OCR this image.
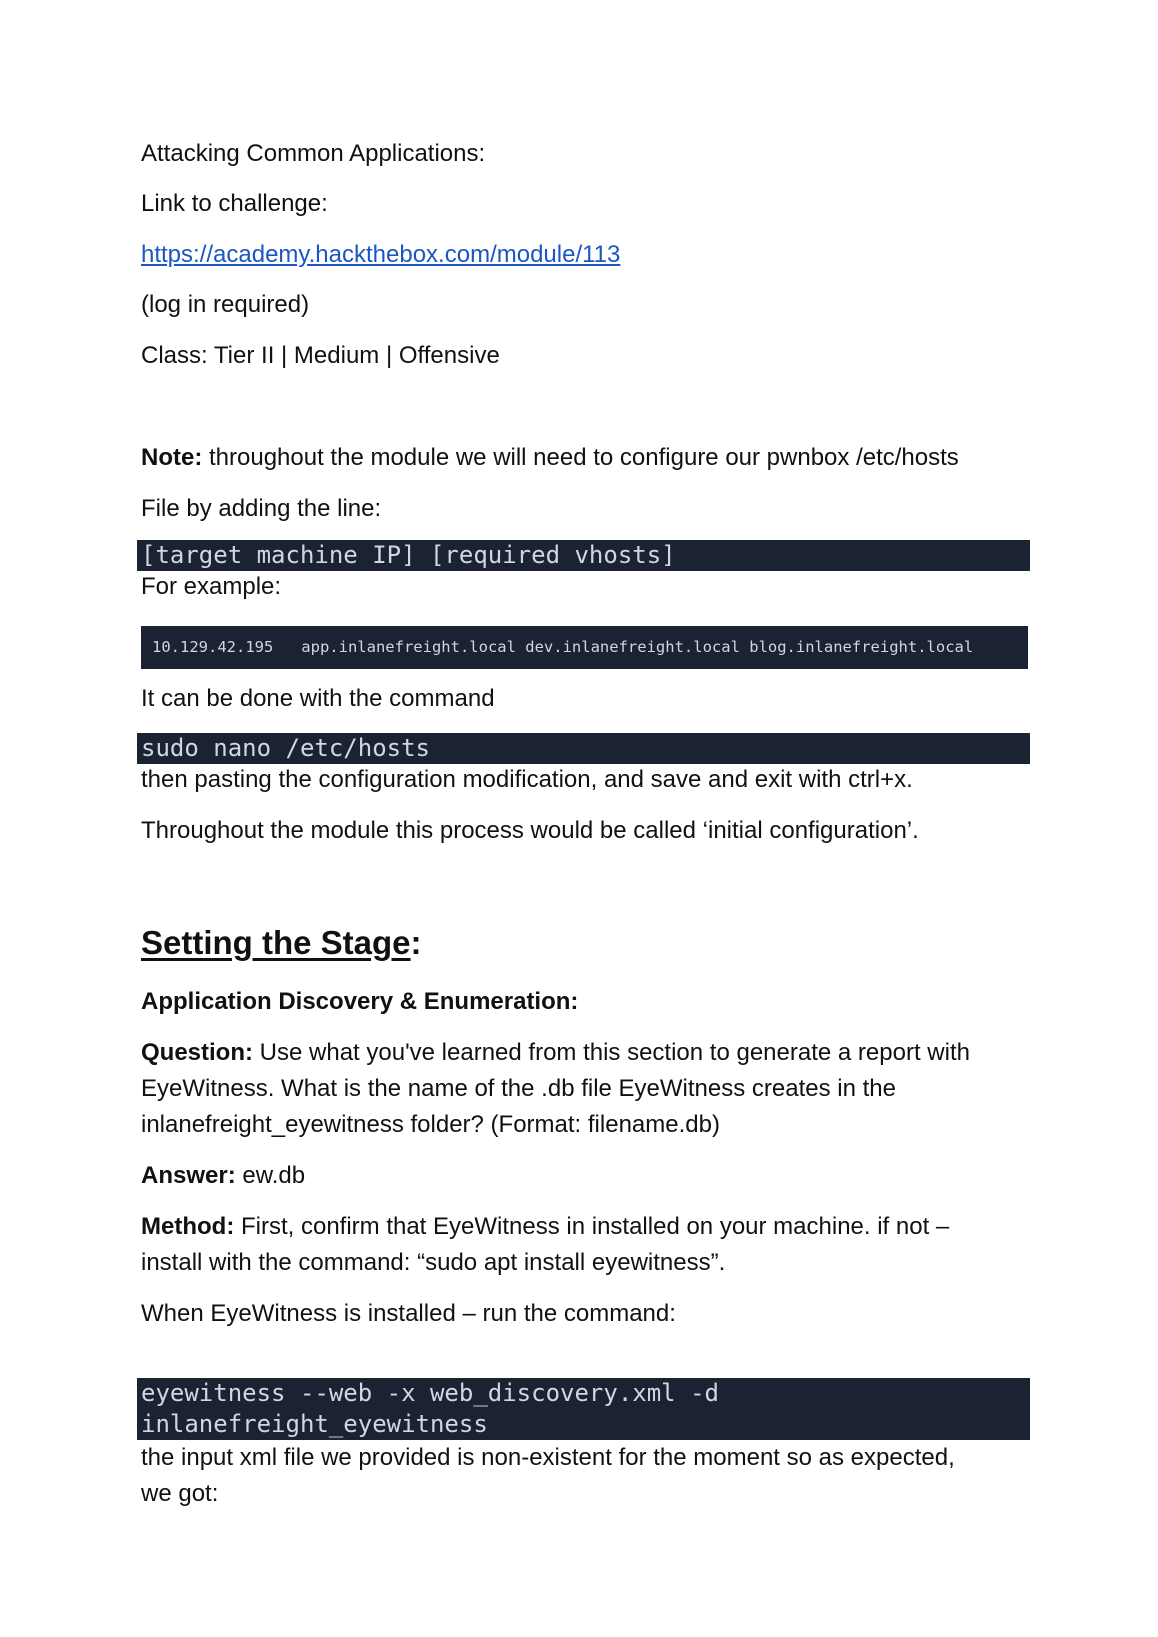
Attacking Common Applications:
Link to challenge:
https://academy.hackthebox.com/module/113
(log in required)
Class: Tier II | Medium | Offensive
Note: throughout the module we will need to configure our pwnbox /etc/hosts
File by adding the line:
[target machine IP] [required vhosts]
For example:
10.129.42.195   app.inlanefreight.local dev.inlanefreight.local blog.inlanefreight.local
It can be done with the command
sudo nano /etc/hosts
then pasting the configuration modification, and save and exit with ctrl+x.
Throughout the module this process would be called ‘initial configuration’.
Setting the Stage:
Application Discovery & Enumeration:
Question: Use what you've learned from this section to generate a report with
EyeWitness. What is the name of the .db file EyeWitness creates in the
inlanefreight_eyewitness folder? (Format: filename.db)
Answer: ew.db
Method: First, confirm that EyeWitness in installed on your machine. if not –
install with the command: “sudo apt install eyewitness”.
When EyeWitness is installed – run the command:
eyewitness --web -x web_discovery.xml -d
inlanefreight_eyewitness
the input xml file we provided is non-existent for the moment so as expected,
we got:
